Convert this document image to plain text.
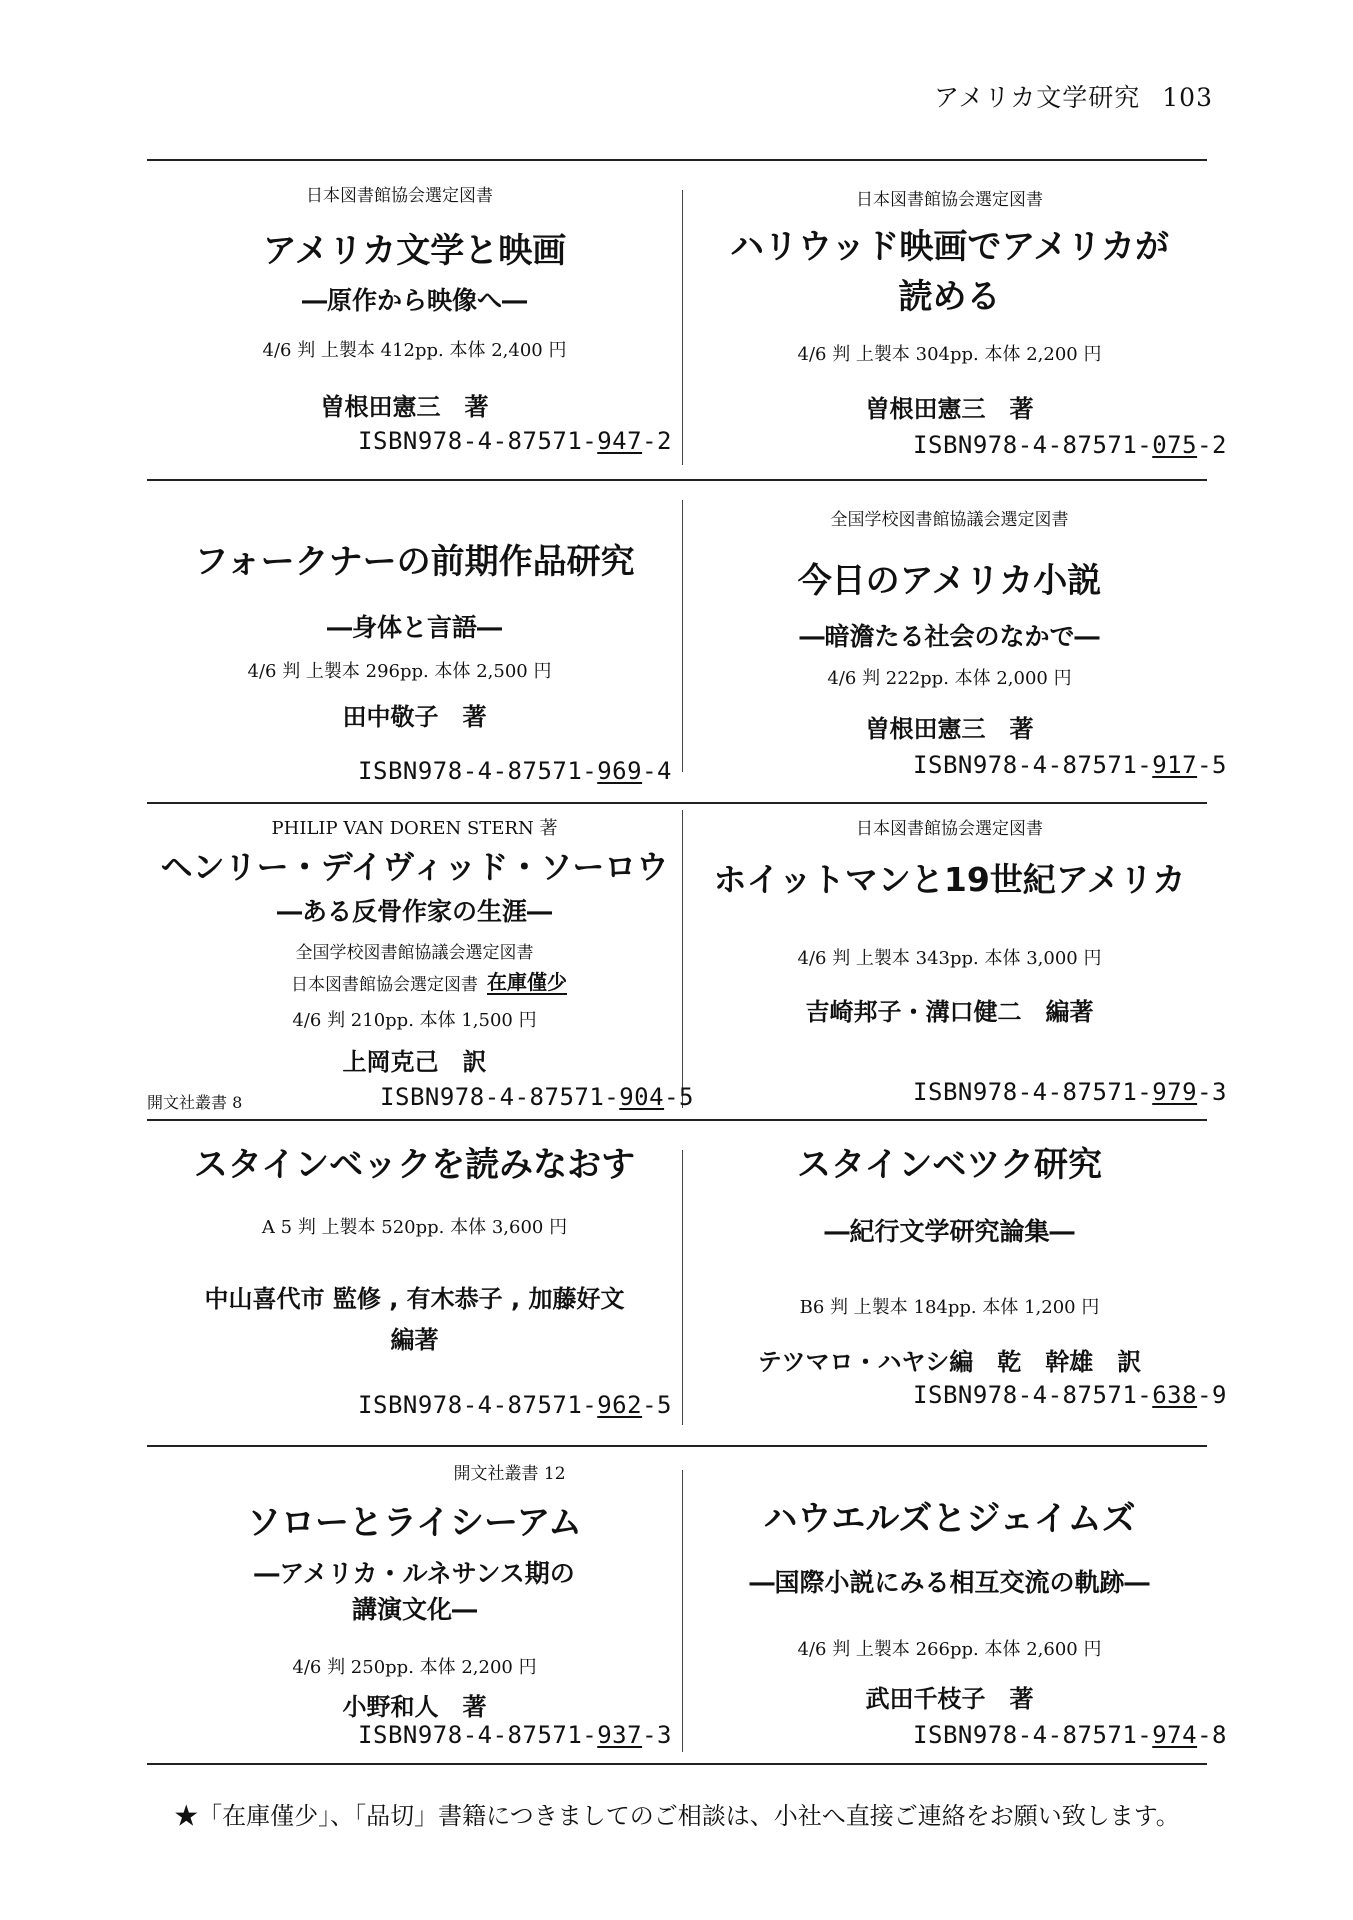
アメリカ文学研究 103

日本図書館協会選定図書

アメリカ文学と映画

―原作から映像へ―

4/6 判 上製本 412pp. 本体 2,400 円

曽根田憲三　著

ISBN978-4-87571-947-2

日本図書館協会選定図書

ハリウッド映画でアメリカが

読める

4/6 判 上製本 304pp. 本体 2,200 円

曽根田憲三　著

ISBN978-4-87571-075-2

フォークナーの前期作品研究

―身体と言語―

4/6 判 上製本 296pp. 本体 2,500 円

田中敬子　著

ISBN978-4-87571-969-4

全国学校図書館協議会選定図書

今日のアメリカ小説

―暗澹たる社会のなかで―

4/6 判 222pp. 本体 2,000 円

曽根田憲三　著

ISBN978-4-87571-917-5

PHILIP VAN DOREN STERN 著

ヘンリー・デイヴィッド・ソーロウ

―ある反骨作家の生涯―

全国学校図書館協議会選定図書

日本図書館協会選定図書 在庫僅少

4/6 判 210pp. 本体 1,500 円

上岡克己　訳

開文社叢書 8	ISBN978-4-87571-904-5

日本図書館協会選定図書

ホイットマンと19世紀アメリカ

4/6 判 上製本 343pp. 本体 3,000 円

吉崎邦子・溝口健二　編著

ISBN978-4-87571-979-3

スタインベックを読みなおす

A 5 判 上製本 520pp. 本体 3,600 円

中山喜代市 監修 , 有木恭子 , 加藤好文

編著

ISBN978-4-87571-962-5

スタインベツク研究

―紀行文学研究論集―

B6 判 上製本 184pp. 本体 1,200 円

テツマロ・ハヤシ編　乾　幹雄　訳

ISBN978-4-87571-638-9

開文社叢書 12

ソローとライシーアム

―アメリカ・ルネサンス期の

講演文化―

4/6 判 250pp. 本体 2,200 円

小野和人　著

ISBN978-4-87571-937-3

ハウエルズとジェイムズ

―国際小説にみる相互交流の軌跡―

4/6 判 上製本 266pp. 本体 2,600 円

武田千枝子　著

ISBN978-4-87571-974-8

★「在庫僅少」、「品切」書籍につきましてのご相談は、小社へ直接ご連絡をお願い致します。
